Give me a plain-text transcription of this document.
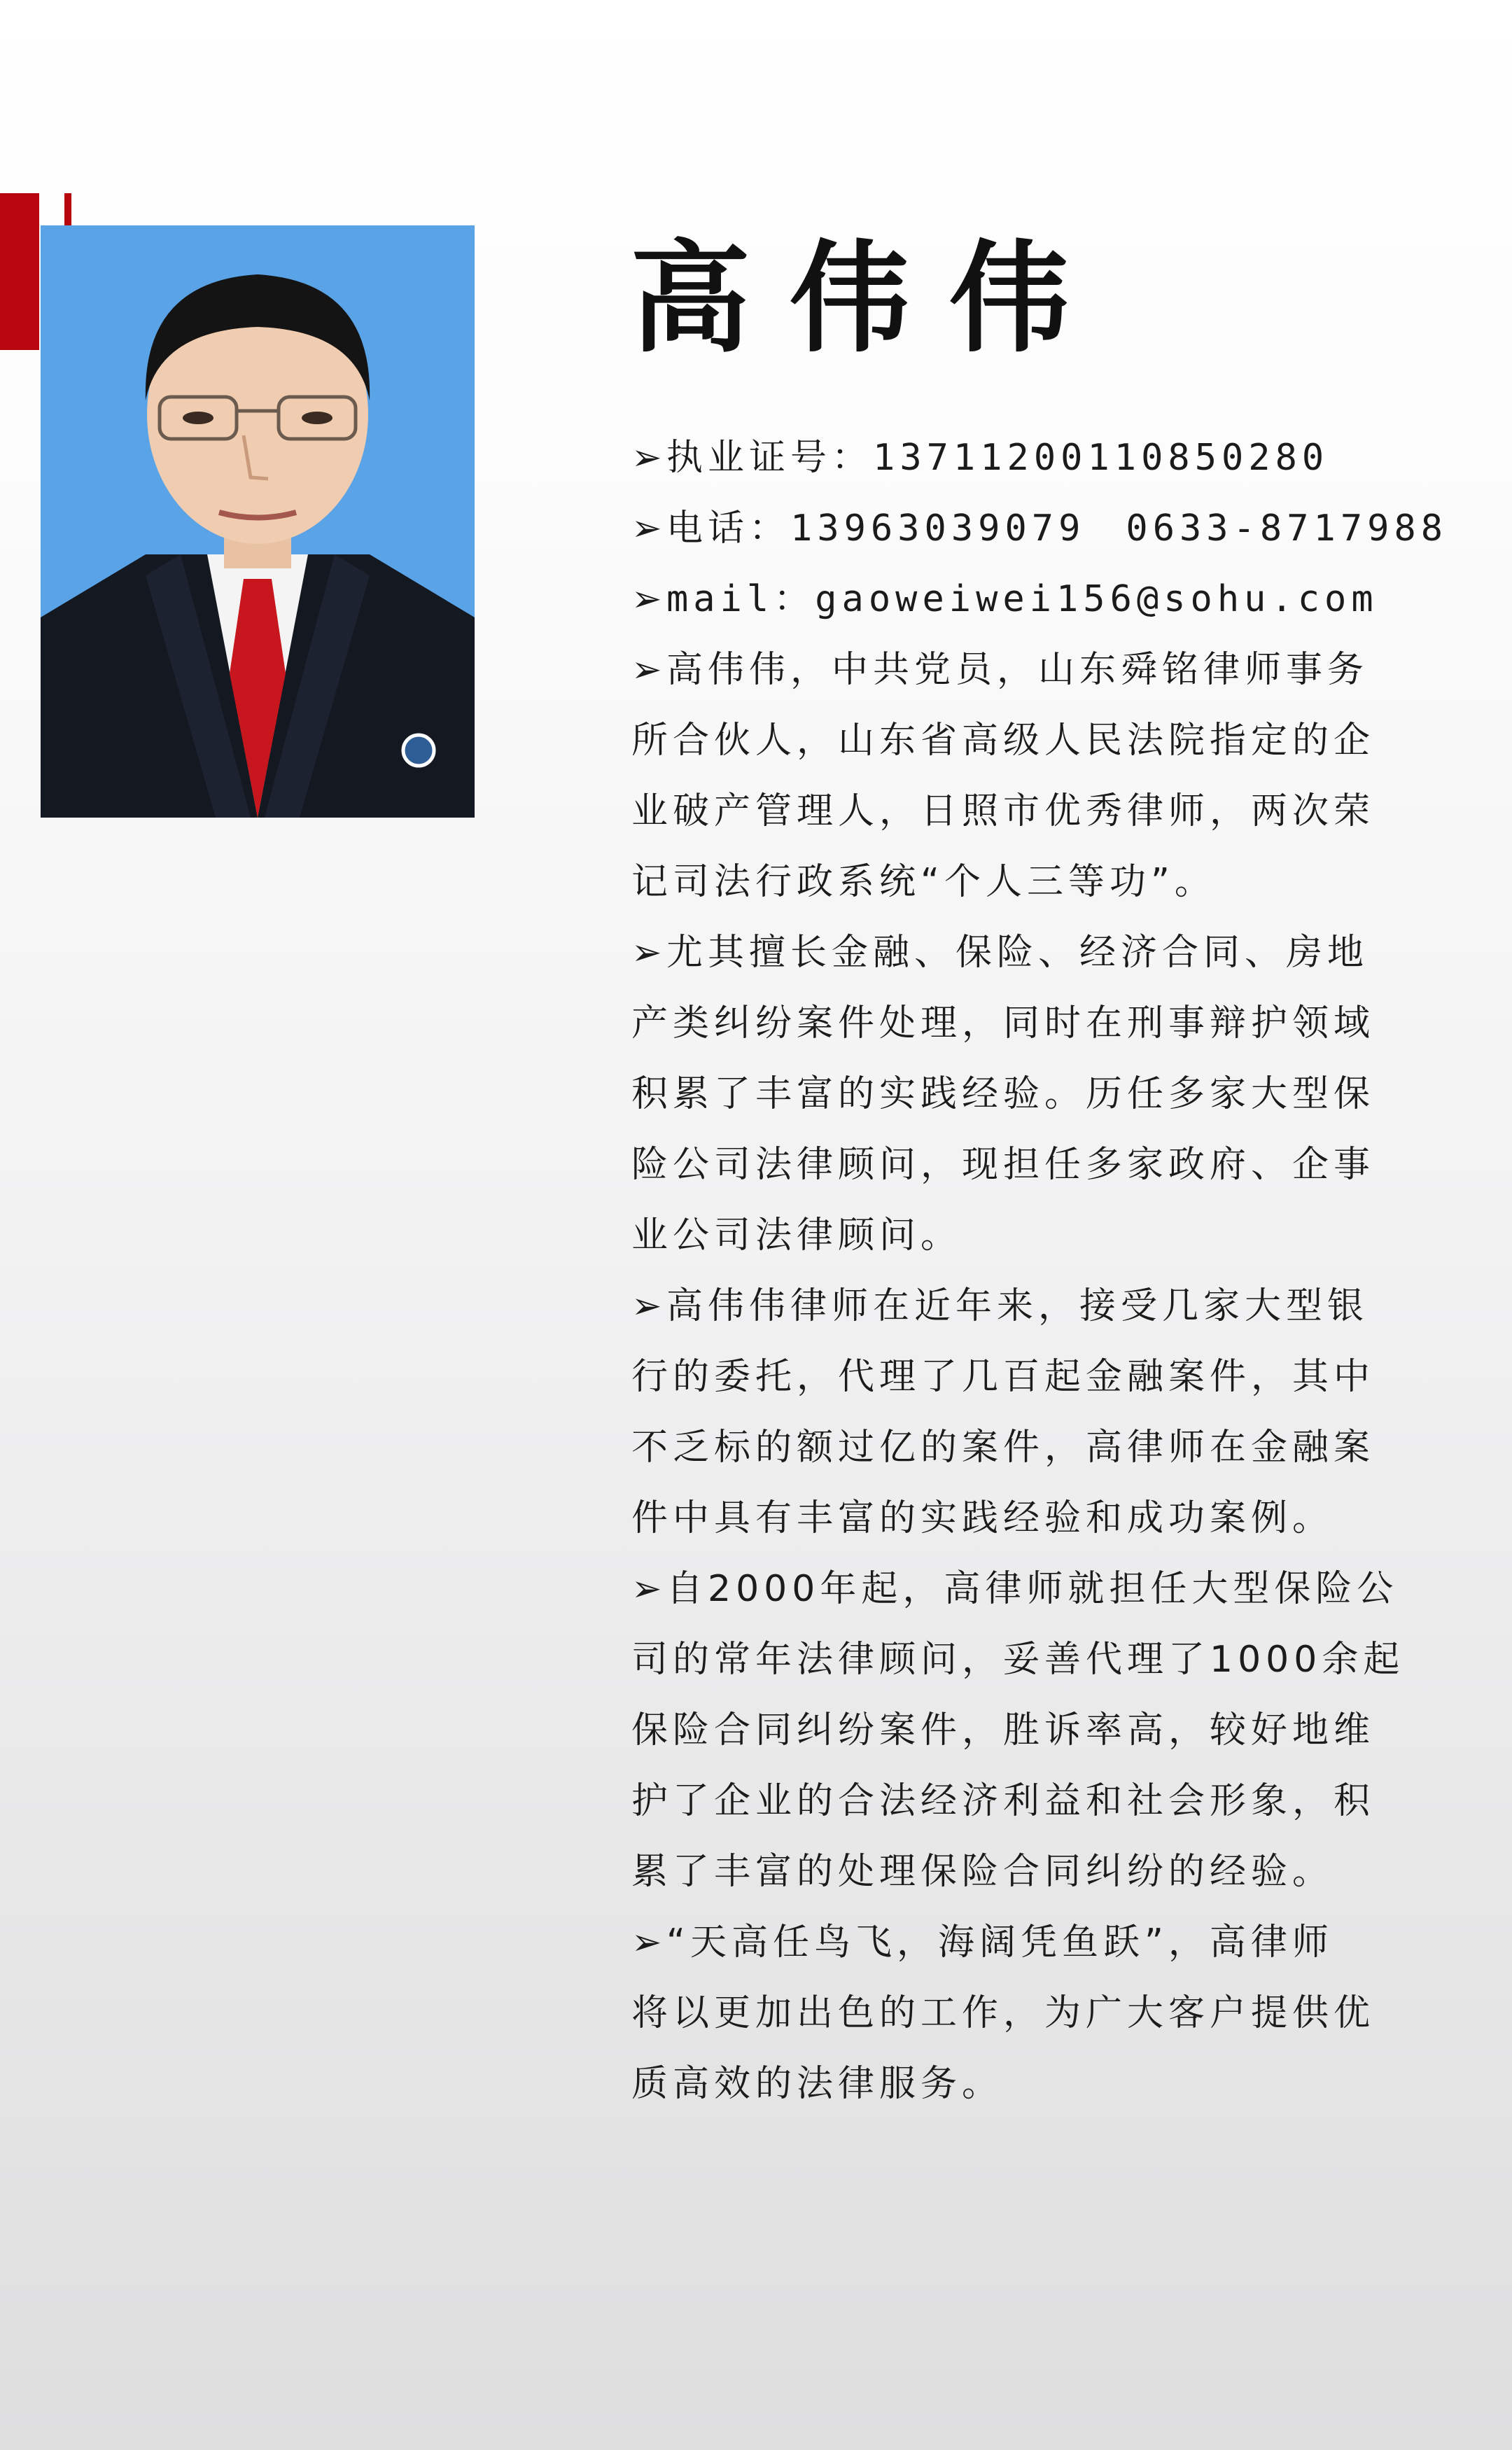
高伟伟
➢ 执业证号：13711200110850280
➢ 电话：13963039079 0633-8717988
➢ mail：gaoweiwei156@sohu.com
➢ 高伟伟，中共党员，山东舜铭律师事务
所合伙人，山东省高级人民法院指定的企
业破产管理人，日照市优秀律师，两次荣
记司法行政系统“个人三等功”。
➢ 尤其擅长金融、保险、经济合同、房地
产类纠纷案件处理，同时在刑事辩护领域
积累了丰富的实践经验。历任多家大型保
险公司法律顾问，现担任多家政府、企事
业公司法律顾问。
➢ 高伟伟律师在近年来，接受几家大型银
行的委托，代理了几百起金融案件，其中
不乏标的额过亿的案件，高律师在金融案
件中具有丰富的实践经验和成功案例。
➢ 自2000年起，高律师就担任大型保险公
司的常年法律顾问，妥善代理了1000余起
保险合同纠纷案件，胜诉率高，较好地维
护了企业的合法经济利益和社会形象，积
累了丰富的处理保险合同纠纷的经验。
➢ “天高任鸟飞，海阔凭鱼跃”，高律师
将以更加出色的工作，为广大客户提供优
质高效的法律服务。
